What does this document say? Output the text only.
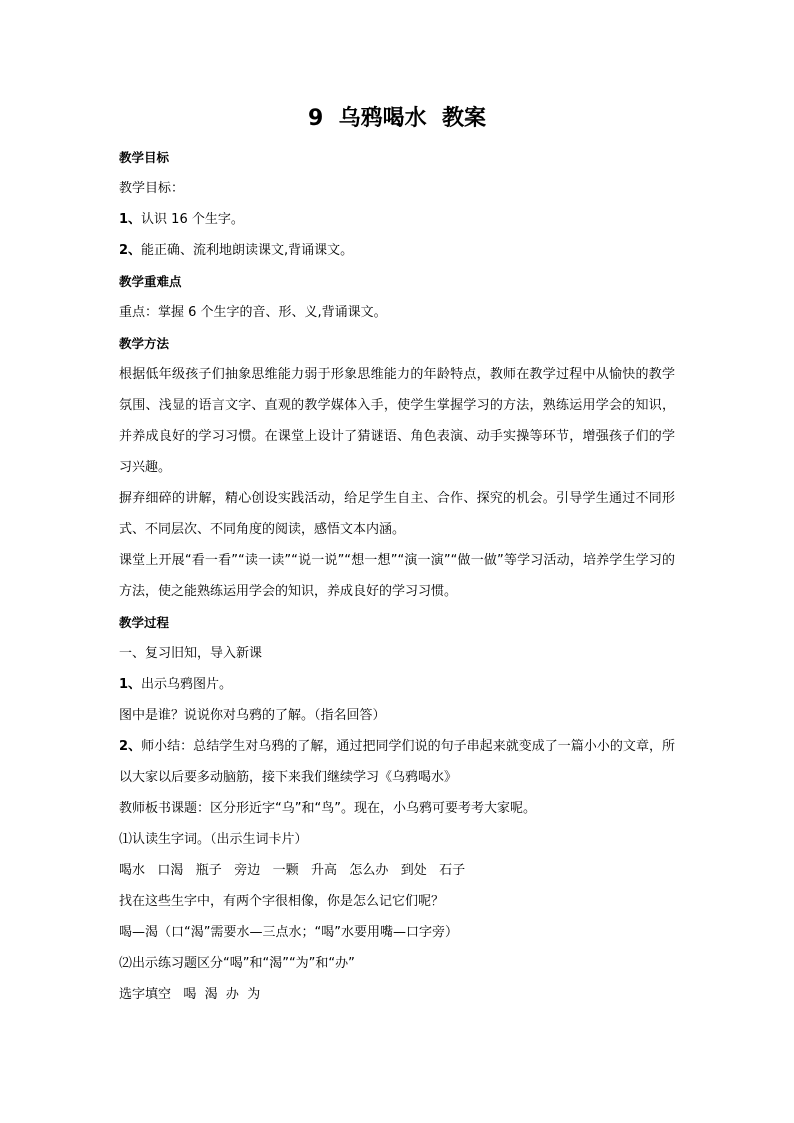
9  乌鸦喝水  教案

教学目标

教学目标：

1、认识 16 个生字。

2、能正确、流利地朗读课文,背诵课文。

教学重难点

重点：掌握 6 个生字的音、形、义,背诵课文。

教学方法

根据低年级孩子们抽象思维能力弱于形象思维能力的年龄特点，教师在教学过程中从愉快的教学氛围、浅显的语言文字、直观的教学媒体入手，使学生掌握学习的方法，熟练运用学会的知识，并养成良好的学习习惯。在课堂上设计了猜谜语、角色表演、动手实操等环节，增强孩子们的学习兴趣。

摒弃细碎的讲解，精心创设实践活动，给足学生自主、合作、探究的机会。引导学生通过不同形式、不同层次、不同角度的阅读，感悟文本内涵。

课堂上开展“看一看”“读一读”“说一说”“想一想”“演一演”“做一做”等学习活动，培养学生学习的方法，使之能熟练运用学会的知识，养成良好的学习习惯。

教学过程

一、复习旧知，导入新课

1、出示乌鸦图片。

图中是谁？说说你对乌鸦的了解。（指名回答）

2、师小结：总结学生对乌鸦的了解，通过把同学们说的句子串起来就变成了一篇小小的文章，所以大家以后要多动脑筋，接下来我们继续学习《乌鸦喝水》

教师板书课题：区分形近字“乌”和“鸟”。现在，小乌鸦可要考考大家呢。

⑴认读生字词。（出示生词卡片）

喝水   口渴   瓶子   旁边   一颗   升高   怎么办   到处   石子

找在这些生字中，有两个字很相像，你是怎么记它们呢？

喝—渴（口“渴”需要水—三点水；“喝”水要用嘴—口字旁）

⑵出示练习题区分“喝”和“渴”“为”和“办”

选字填空   喝  渴  办  为
